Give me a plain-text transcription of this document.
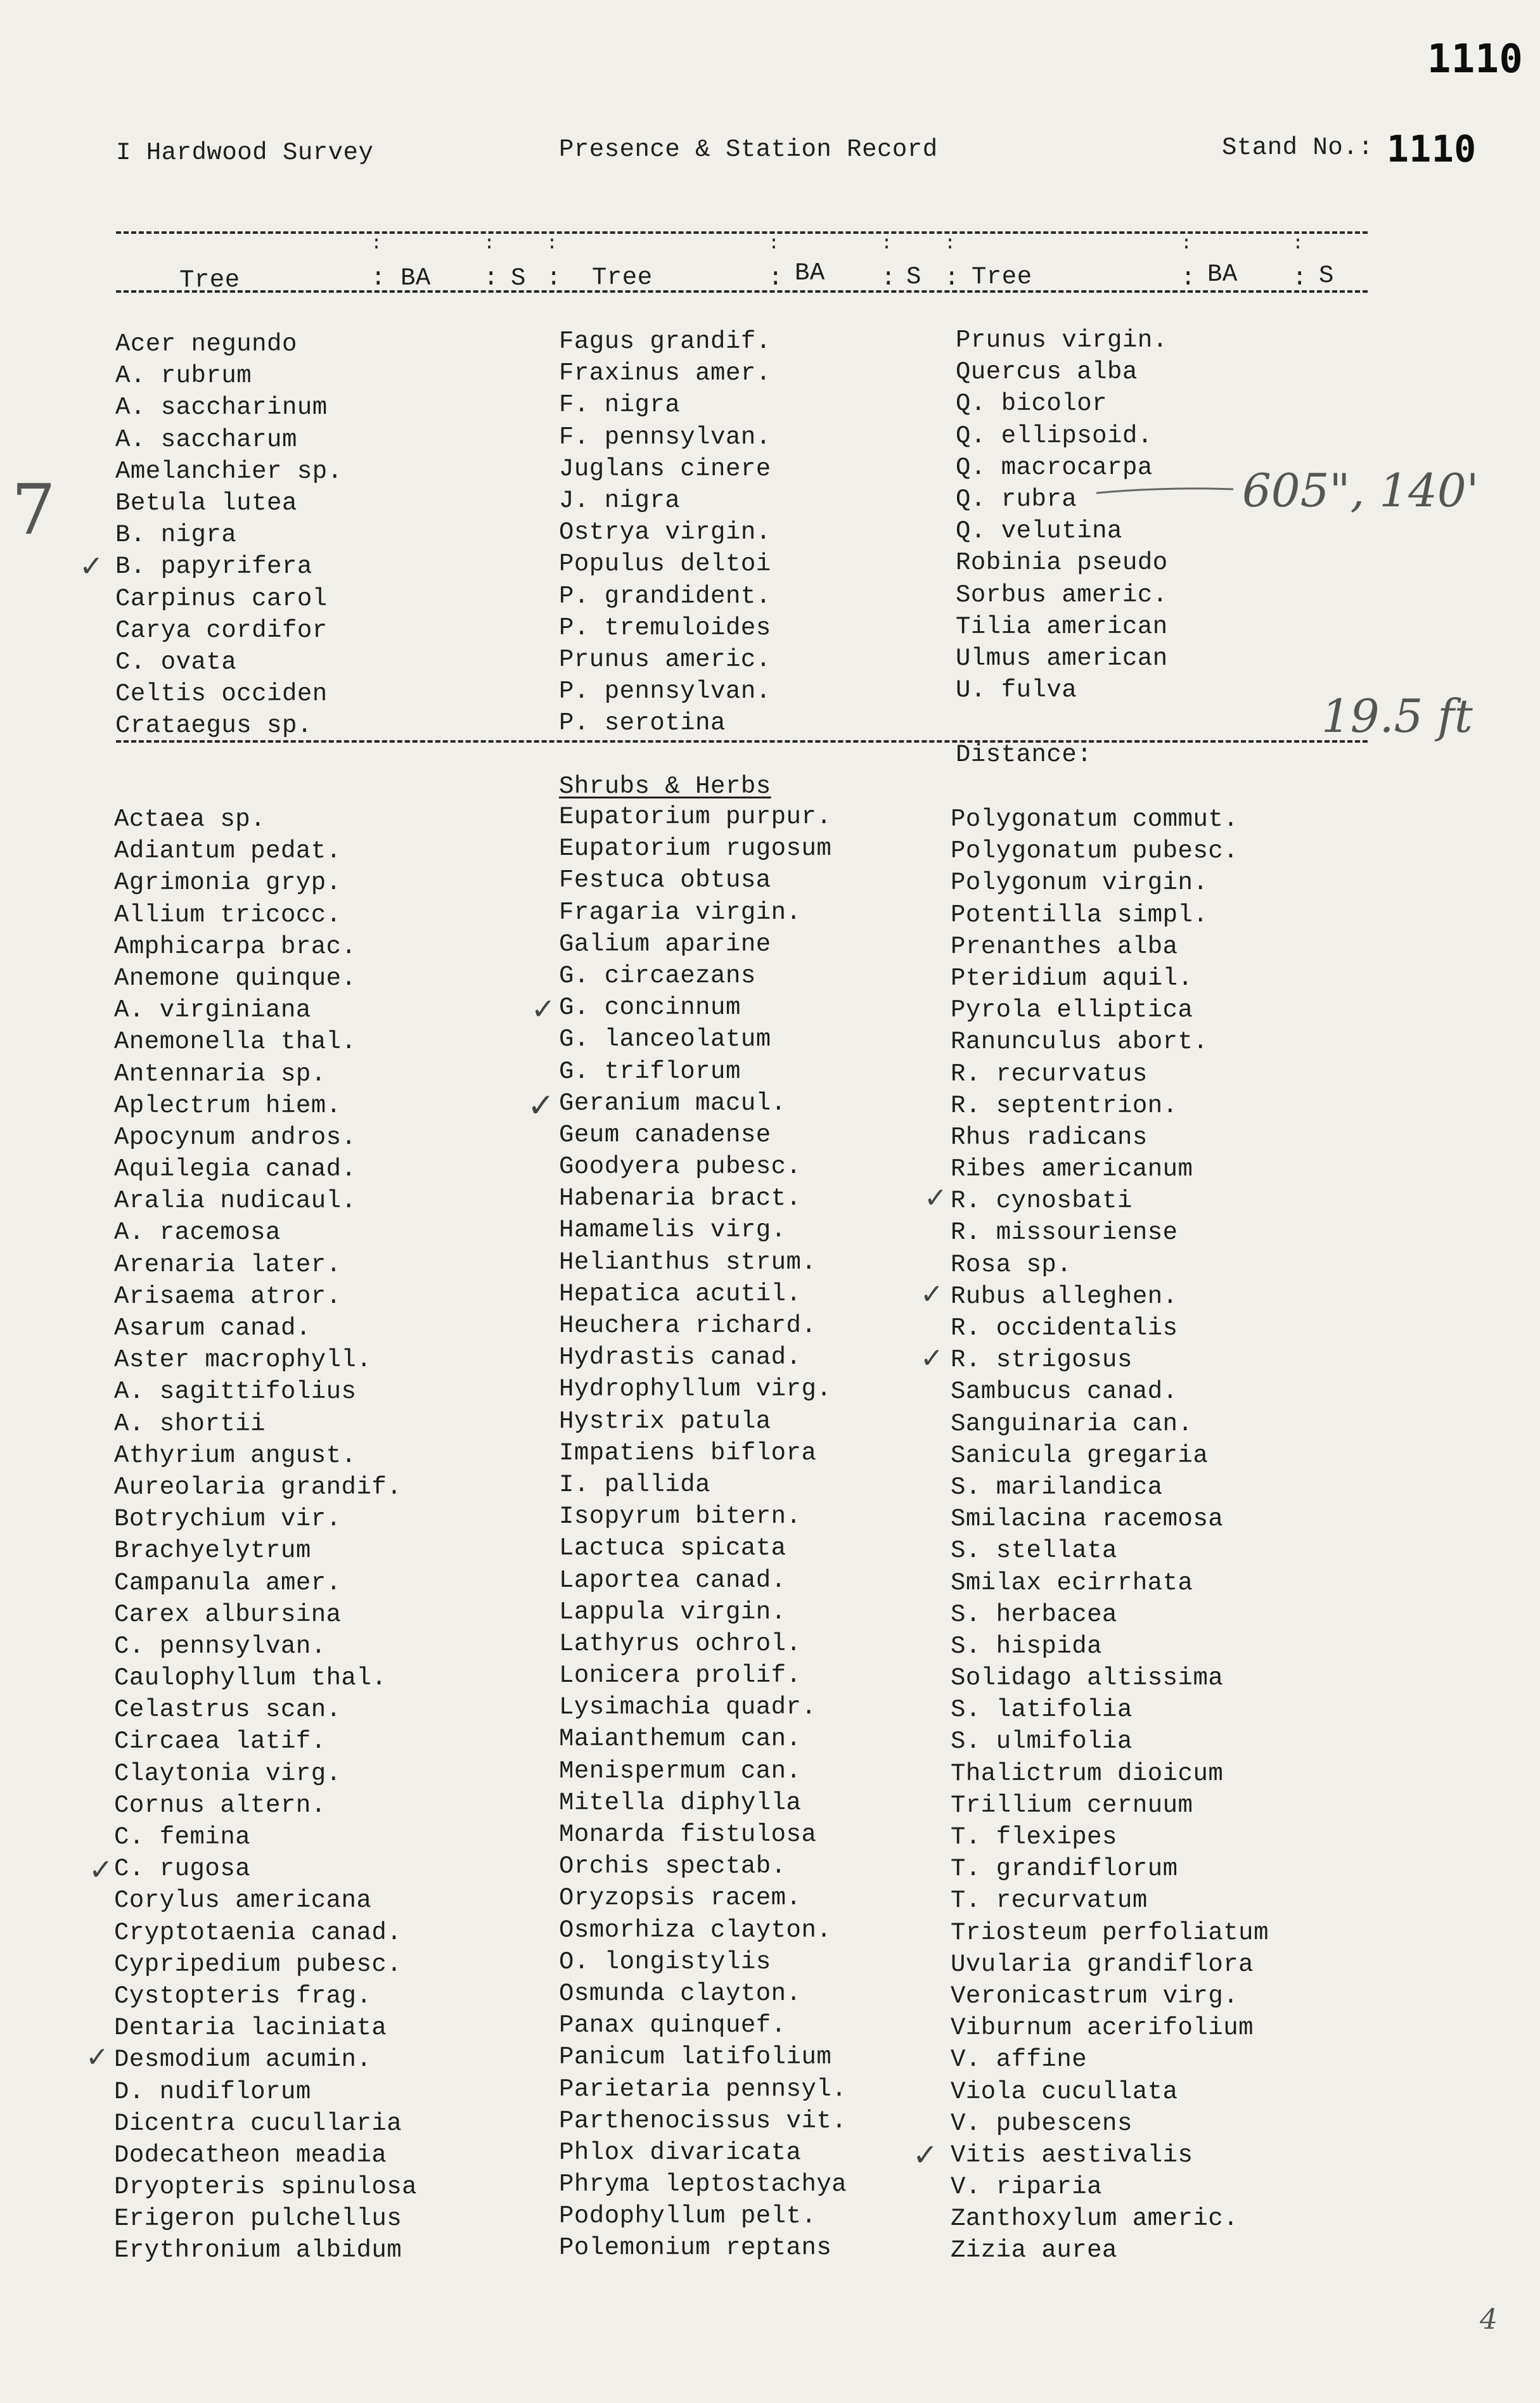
1110
I Hardwood Survey	Presence & Station Record	Stand No.: 1110
:	:	:	:	:	:	:	:
Tree	: BA : S : Tree	: BA : S : Tree	: BA : S
Acer negundo
A. rubrum
A. saccharinum
A. saccharum
Amelanchier sp.
Betula lutea
B. nigra
B. papyrifera
Carpinus carol
Carya cordifor
C. ovata
Celtis occiden
Crataegus sp.
Fagus grandif.
Fraxinus amer.
F. nigra
F. pennsylvan.
Juglans cinere
J. nigra
Ostrya virgin.
Populus deltoi
P. grandident.
P. tremuloides
Prunus americ.
P. pennsylvan.
P. serotina
Prunus virgin.
Quercus alba
Q. bicolor
Q. ellipsoid.
Q. macrocarpa
Q. rubra
Q. velutina
Robinia pseudo
Sorbus americ.
Tilia american
Ulmus american
U. fulva
7
✓
605", 140'
19.5 ft
Distance:
Shrubs & Herbs
Actaea sp.
Adiantum pedat.
Agrimonia gryp.
Allium tricocc.
Amphicarpa brac.
Anemone quinque.
A. virginiana
Anemonella thal.
Antennaria sp.
Aplectrum hiem.
Apocynum andros.
Aquilegia canad.
Aralia nudicaul.
A. racemosa
Arenaria later.
Arisaema atror.
Asarum canad.
Aster macrophyll.
A. sagittifolius
A. shortii
Athyrium angust.
Aureolaria grandif.
Botrychium vir.
Brachyelytrum
Campanula amer.
Carex albursina
C. pennsylvan.
Caulophyllum thal.
Celastrus scan.
Circaea latif.
Claytonia virg.
Cornus altern.
C. femina
C. rugosa
Corylus americana
Cryptotaenia canad.
Cypripedium pubesc.
Cystopteris frag.
Dentaria laciniata
Desmodium acumin.
D. nudiflorum
Dicentra cucullaria
Dodecatheon meadia
Dryopteris spinulosa
Erigeron pulchellus
Erythronium albidum
Eupatorium purpur.
Eupatorium rugosum
Festuca obtusa
Fragaria virgin.
Galium aparine
G. circaezans
G. concinnum
G. lanceolatum
G. triflorum
Geranium macul.
Geum canadense
Goodyera pubesc.
Habenaria bract.
Hamamelis virg.
Helianthus strum.
Hepatica acutil.
Heuchera richard.
Hydrastis canad.
Hydrophyllum virg.
Hystrix patula
Impatiens biflora
I. pallida
Isopyrum bitern.
Lactuca spicata
Laportea canad.
Lappula virgin.
Lathyrus ochrol.
Lonicera prolif.
Lysimachia quadr.
Maianthemum can.
Menispermum can.
Mitella diphylla
Monarda fistulosa
Orchis spectab.
Oryzopsis racem.
Osmorhiza clayton.
O. longistylis
Osmunda clayton.
Panax quinquef.
Panicum latifolium
Parietaria pennsyl.
Parthenocissus vit.
Phlox divaricata
Phryma leptostachya
Podophyllum pelt.
Polemonium reptans
Polygonatum commut.
Polygonatum pubesc.
Polygonum virgin.
Potentilla simpl.
Prenanthes alba
Pteridium aquil.
Pyrola elliptica
Ranunculus abort.
R. recurvatus
R. septentrion.
Rhus radicans
Ribes americanum
R. cynosbati
R. missouriense
Rosa sp.
Rubus alleghen.
R. occidentalis
R. strigosus
Sambucus canad.
Sanguinaria can.
Sanicula gregaria
S. marilandica
Smilacina racemosa
S. stellata
Smilax ecirrhata
S. herbacea
S. hispida
Solidago altissima
S. latifolia
S. ulmifolia
Thalictrum dioicum
Trillium cernuum
T. flexipes
T. grandiflorum
T. recurvatum
Triosteum perfoliatum
Uvularia grandiflora
Veronicastrum virg.
Viburnum acerifolium
V. affine
Viola cucullata
V. pubescens
Vitis aestivalis
V. riparia
Zanthoxylum americ.
Zizia aurea
✓
✓
✓
✓
✓
✓
✓
✓
4
